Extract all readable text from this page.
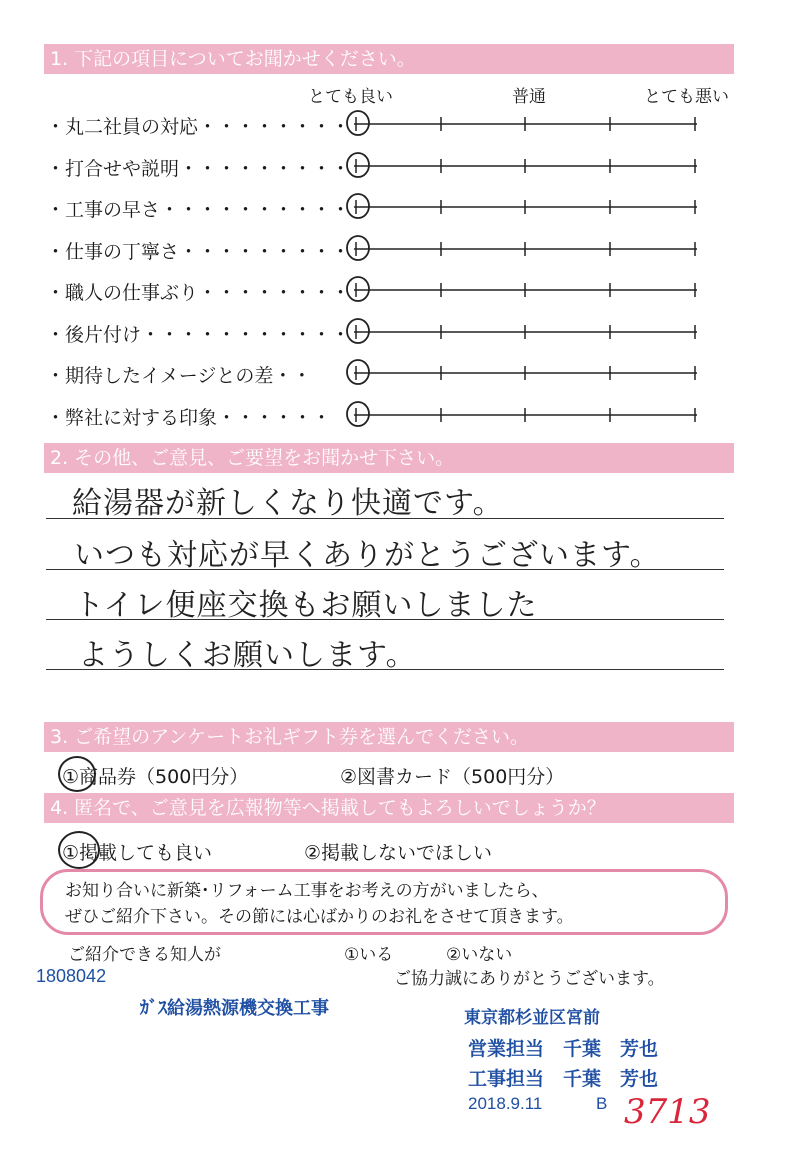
1. 下記の項目についてお聞かせください。
とても良い	普通	とても悪い
・丸二社員の対応・・・・・・・・
・打合せや説明・・・・・・・・・
・工事の早さ・・・・・・・・・・
・仕事の丁寧さ・・・・・・・・・
・職人の仕事ぶり・・・・・・・・
・後片付け・・・・・・・・・・・
・期待したイメージとの差・・
・弊社に対する印象・・・・・・
2. その他、ご意見、ご要望をお聞かせ下さい。
給湯器が新しくなり快適です。
いつも対応が早くありがとうございます。
トイレ便座交換もお願いしました
ようしくお願いします。
3. ご希望のアンケートお礼ギフト券を選んでください。
①商品券（500円分）	②図書カード（500円分）
4. 匿名で、ご意見を広報物等へ掲載してもよろしいでしょうか？
①掲載しても良い	②掲載しないでほしい
お知り合いに新築･リフォーム工事をお考えの方がいましたら、
ぜひご紹介下さい。その節には心ばかりのお礼をさせて頂きます。
ご紹介できる知人が	①いる	②いない
ご協力誠にありがとうございます。
1808042
ｶﾞｽ給湯熱源機交換工事	東京都杉並区宮前
営業担当　千葉　芳也
工事担当　千葉　芳也
2018.9.11	B 3713
